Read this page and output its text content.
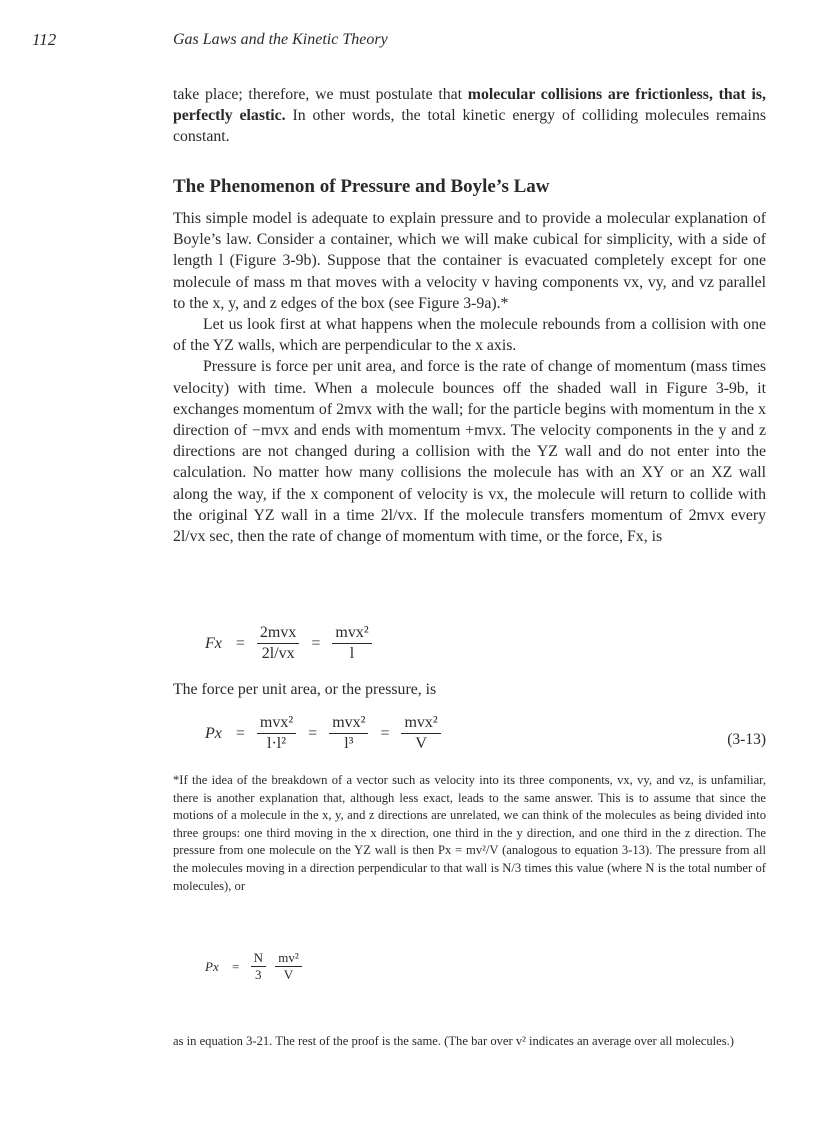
112	Gas Laws and the Kinetic Theory

take place; therefore, we must postulate that molecular collisions are frictionless, that is, perfectly elastic. In other words, the total kinetic energy of colliding molecules remains constant.

The Phenomenon of Pressure and Boyle’s Law

This simple model is adequate to explain pressure and to provide a molecular explanation of Boyle’s law. Consider a container, which we will make cubical for simplicity, with a side of length l (Figure 3-9b). Suppose that the container is evacuated completely except for one molecule of mass m that moves with a velocity v having components vx, vy, and vz parallel to the x, y, and z edges of the box (see Figure 3-9a).*

Let us look first at what happens when the molecule rebounds from a collision with one of the YZ walls, which are perpendicular to the x axis.

Pressure is force per unit area, and force is the rate of change of momentum (mass times velocity) with time. When a molecule bounces off the shaded wall in Figure 3-9b, it exchanges momentum of 2mvx with the wall; for the particle begins with momentum in the x direction of −mvx and ends with momentum +mvx. The velocity components in the y and z directions are not changed during a collision with the YZ wall and do not enter into the calculation. No matter how many collisions the molecule has with an XY or an XZ wall along the way, if the x component of velocity is vx, the molecule will return to collide with the original YZ wall in a time 2l/vx. If the molecule transfers momentum of 2mvx every 2l/vx sec, then the rate of change of momentum with time, or the force, Fx, is

$Fx = \frac{\text{2mvx}}{2l/vx} = \frac{\text{mvx²}}{l}$
The force per unit area, or the pressure, is
$Px = \frac{\text{mvx²}}{\text{l·l²}} = \frac{\text{mvx²}}{\text{l³}} = \frac{\text{mvx²}}{V}$	(3-13)

*If the idea of the breakdown of a vector such as velocity into its three components, vx, vy, and vz, is unfamiliar, there is another explanation that, although less exact, leads to the same answer. This is to assume that since the motions of a molecule in the x, y, and z directions are unrelated, we can think of the molecules as being divided into three groups: one third moving in the x direction, one third in the y direction, and one third in the z direction. The pressure from one molecule on the YZ wall is then Px = mv²/V (analogous to equation 3-13). The pressure from all the molecules moving in a direction perpendicular to that wall is N/3 times this value (where N is the total number of molecules), or

$Px = \frac{N}{3}$
$\frac{\text{mv²}}{V}$

as in equation 3-21. The rest of the proof is the same. (The bar over v² indicates an average over all molecules.)
